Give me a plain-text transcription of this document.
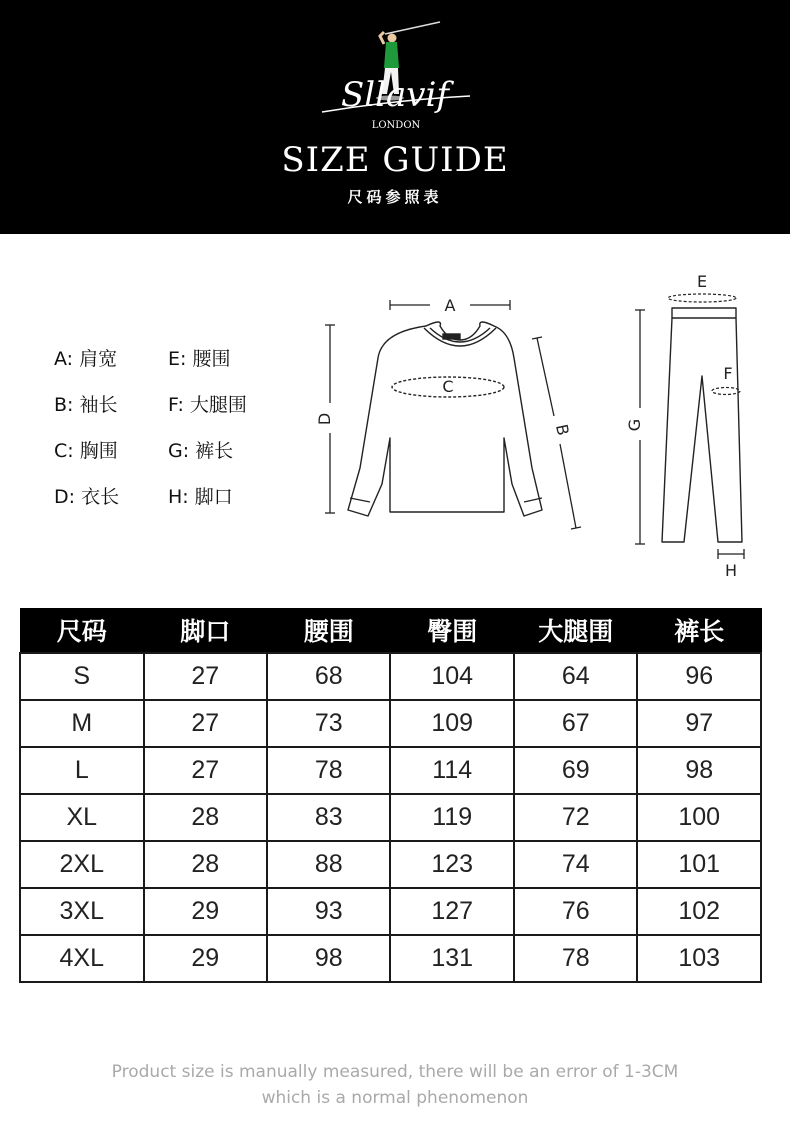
Sllavif
LONDON
SIZE GUIDE
尺码参照表
A: 肩宽
B: 袖长
C: 胸围
D: 衣长
E: 腰围
F: 大腿围
G: 裤长
H: 脚口
A
C
D
B
E
F
G
H
尺码	脚口	腰围	臀围	大腿围	裤长
S	27	68	104	64	96
M	27	73	109	67	97
L	27	78	114	69	98
XL	28	83	119	72	100
2XL	28	88	123	74	101
3XL	29	93	127	76	102
4XL	29	98	131	78	103
Product size is manually measured, there will be an error of 1-3CM
which is a normal phenomenon
